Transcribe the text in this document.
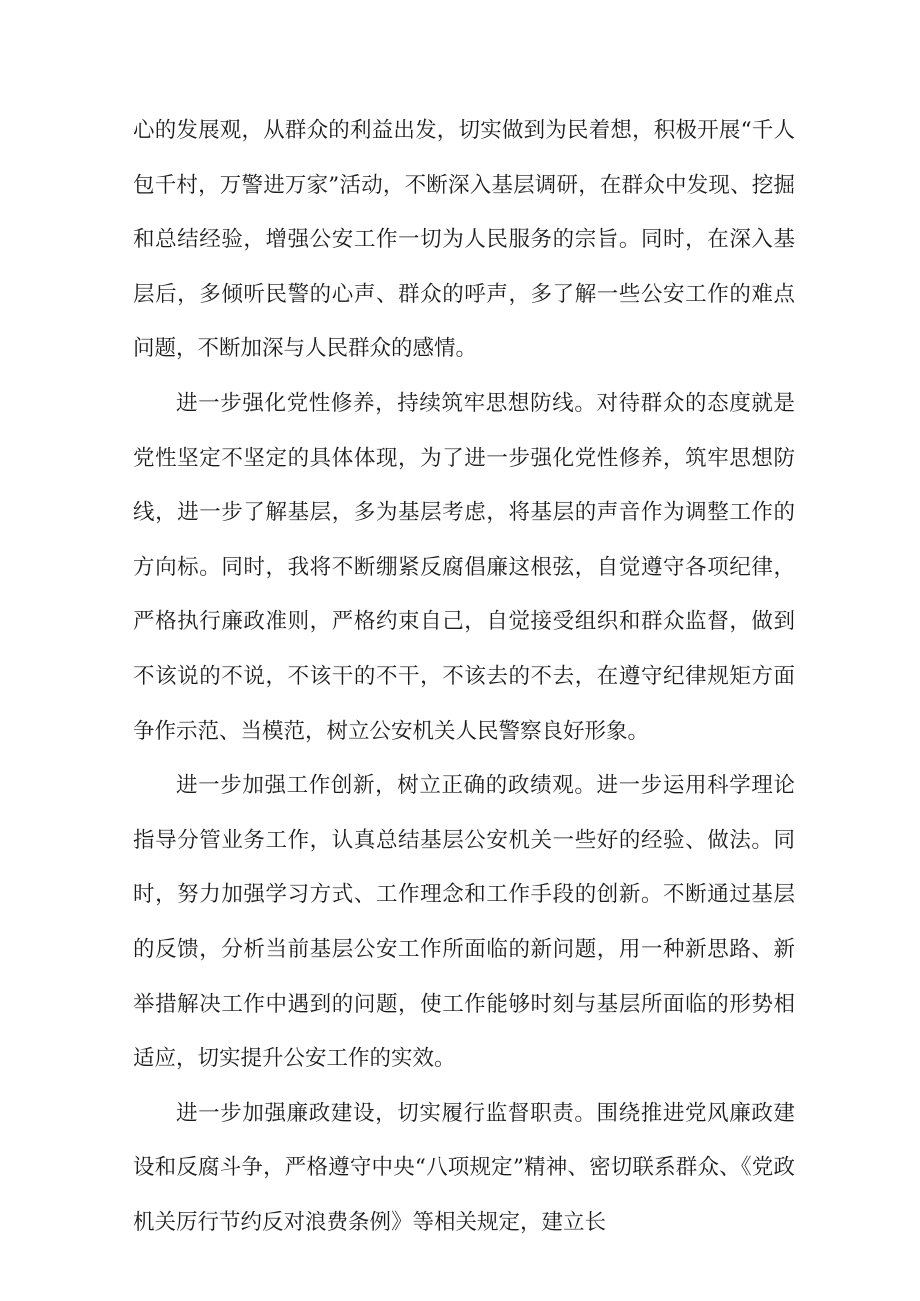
心的发展观，从群众的利益出发，切实做到为民着想，积极开展“千人包千村，万警进万家”活动，不断深入基层调研，在群众中发现、挖掘和总结经验，增强公安工作一切为人民服务的宗旨。同时，在深入基层后，多倾听民警的心声、群众的呼声，多了解一些公安工作的难点问题，不断加深与人民群众的感情。

进一步强化党性修养，持续筑牢思想防线。对待群众的态度就是党性坚定不坚定的具体体现，为了进一步强化党性修养，筑牢思想防线，进一步了解基层，多为基层考虑，将基层的声音作为调整工作的方向标。同时，我将不断绷紧反腐倡廉这根弦，自觉遵守各项纪律，严格执行廉政准则，严格约束自己，自觉接受组织和群众监督，做到不该说的不说，不该干的不干，不该去的不去，在遵守纪律规矩方面争作示范、当模范，树立公安机关人民警察良好形象。

进一步加强工作创新，树立正确的政绩观。进一步运用科学理论指导分管业务工作，认真总结基层公安机关一些好的经验、做法。同时，努力加强学习方式、工作理念和工作手段的创新。不断通过基层的反馈，分析当前基层公安工作所面临的新问题，用一种新思路、新举措解决工作中遇到的问题，使工作能够时刻与基层所面临的形势相适应，切实提升公安工作的实效。

进一步加强廉政建设，切实履行监督职责。围绕推进党风廉政建设和反腐斗争，严格遵守中央“八项规定”精神、密切联系群众、《党政机关厉行节约反对浪费条例》等相关规定，建立长
